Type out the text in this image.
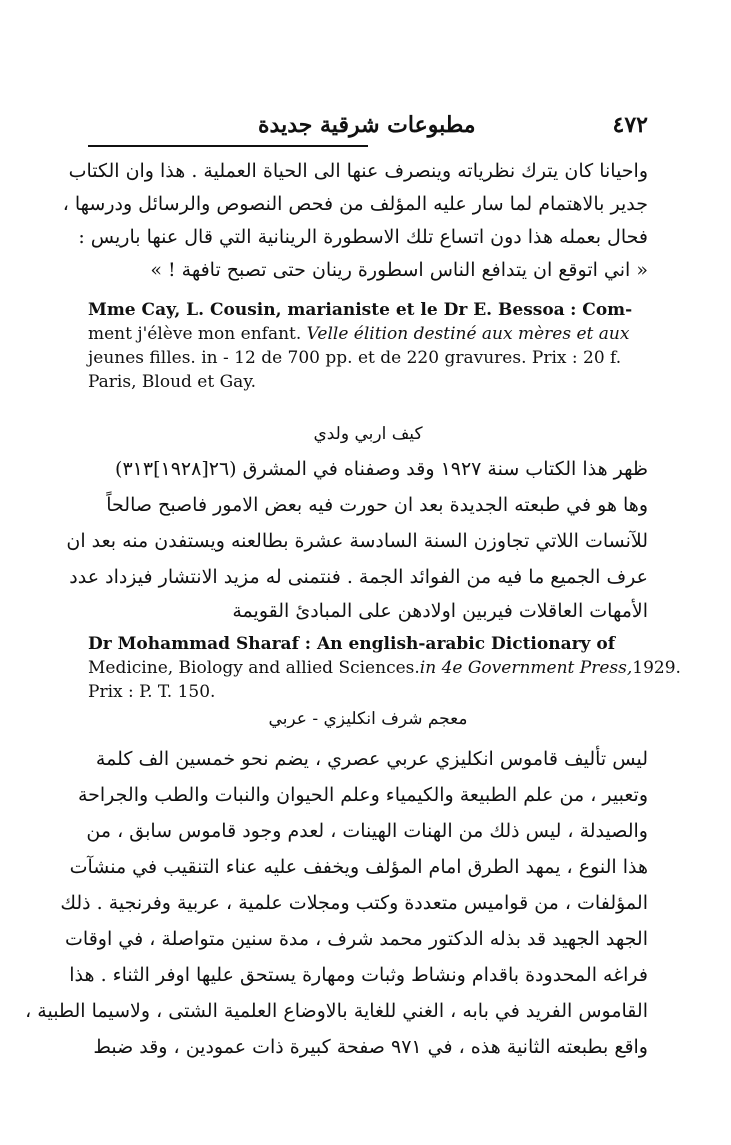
٤٧٢
مطبوعات شرقية جديدة
واحيانا كان يترك نظرياته وينصرف عنها الى الحياة العملية . هذا وان الكتاب
جدير بالاهتمام لما سار عليه المؤلف من فحص النصوص والرسائل ودرسها ،
فحال بعمله هذا دون اتساع تلك الاسطورة الرينانية التي قال عنها باريس :
« اني اتوقع ان يتدافع الناس اسطورة رينان حتى تصبح تافهة ! »
Mme Cay, L. Cousin, marianiste et le Dr E. Bessoa : Com-
ment j'élève mon enfant. Velle élition destiné aux mères et aux
jeunes filles. in - 12 de 700 pp. et de 220 gravures. Prix : 20 f.
Paris, Bloud et Gay.
كيف اربي ولدي
ظهر هذا الكتاب سنة ١٩٢٧ وقد وصفناه في المشرق (٢٦[١٩٢٨]٣١٣)
وها هو في طبعته الجديدة بعد ان حورت فيه بعض الامور فاصبح صالحاً
للآنسات اللاتي تجاوزن السنة السادسة عشرة بطالعنه ويستفدن منه بعد ان
عرف الجميع ما فيه من الفوائد الجمة . فنتمنى له مزيد الانتشار فيزداد عدد
الأمهات العاقلات فيربين اولادهن على المبادئ القويمة
Dr Mohammad Sharaf : An english-arabic Dictionary of
Medicine, Biology and allied Sciences.in 4e Government Press,1929.
Prix : P. T. 150.
معجم شرف انكليزي - عربي
ليس تأليف قاموس انكليزي عربي عصري ، يضم نحو خمسين الف كلمة
وتعبير ، من علم الطبيعة والكيمياء وعلم الحيوان والنبات والطب والجراحة
والصيدلة ، ليس ذلك من الهنات الهينات ، لعدم وجود قاموس سابق ، من
هذا النوع ، يمهد الطرق امام المؤلف ويخفف عليه عناء التنقيب في منشآت
المؤلفات ، من قواميس متعددة وكتب ومجلات علمية ، عربية وفرنجية . ذلك
الجهد الجهيد قد بذله الدكتور محمد شرف ، مدة سنين متواصلة ، في اوقات
فراغه المحدودة باقدام ونشاط وثبات ومهارة يستحق عليها اوفر الثناء . هذا
القاموس الفريد في بابه ، الغني للغاية بالاوضاع العلمية الشتى ، ولاسيما الطبية ،
واقع بطبعته الثانية هذه ، في ٩٧١ صفحة كبيرة ذات عمودين ، وقد ضبط
